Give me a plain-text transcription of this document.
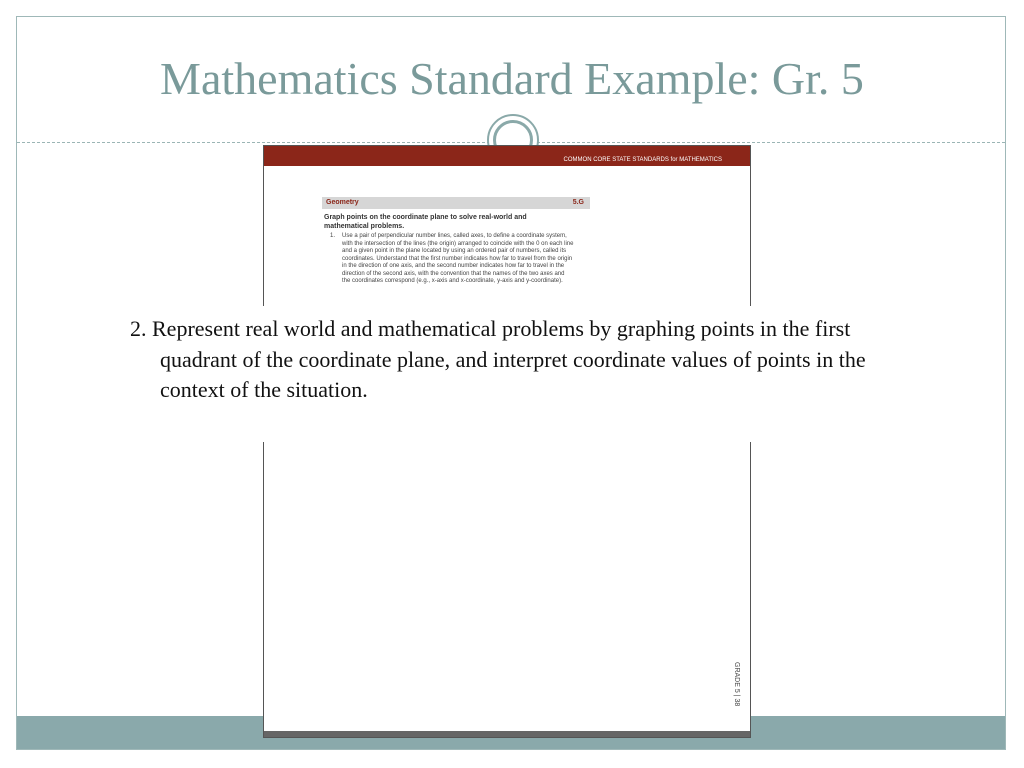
Mathematics Standard Example: Gr. 5
COMMON CORE STATE STANDARDS for MATHEMATICS
Geometry	5.G
Graph points on the coordinate plane to solve real-world and mathematical problems.
1. Use a pair of perpendicular number lines, called axes, to define a coordinate system, with the intersection of the lines (the origin) arranged to coincide with the 0 on each line and a given point in the plane located by using an ordered pair of numbers, called its coordinates. Understand that the first number indicates how far to travel from the origin in the direction of one axis, and the second number indicates how far to travel in the direction of the second axis, with the convention that the names of the two axes and the coordinates correspond (e.g., x-axis and x-coordinate, y-axis and y-coordinate).
GRADE 5 | 38
2. Represent real world and mathematical problems by graphing points in the first quadrant of the coordinate plane, and interpret coordinate values of points in the context of the situation.
